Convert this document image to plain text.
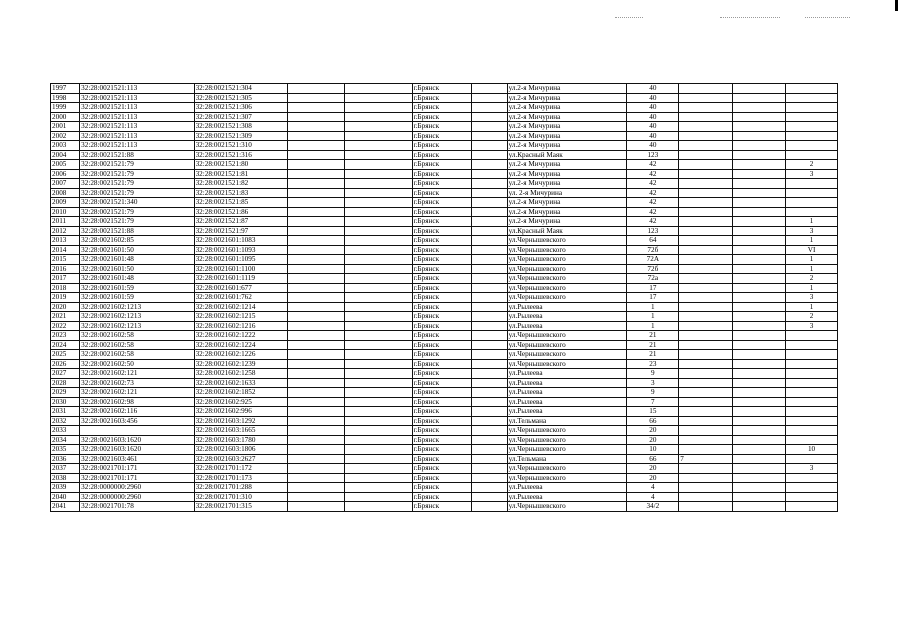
1997	32:28:0021521:113	32:28:0021521:304			г.Брянск		ул.2-я Мичурина	40			
1998	32:28:0021521:113	32:28:0021521:305			г.Брянск		ул.2-я Мичурина	40			
1999	32:28:0021521:113	32:28:0021521:306			г.Брянск		ул.2-я Мичурина	40			
2000	32:28:0021521:113	32:28:0021521:307			г.Брянск		ул.2-я Мичурина	40			
2001	32:28:0021521:113	32:28:0021521:308			г.Брянск		ул.2-я Мичурина	40			
2002	32:28:0021521:113	32:28:0021521:309			г.Брянск		ул.2-я Мичурина	40			
2003	32:28:0021521:113	32:28:0021521:310			г.Брянск		ул.2-я Мичурина	40			
2004	32:28:0021521:88	32:28:0021521:316			г.Брянск		ул.Красный Маяк	123			
2005	32:28:0021521:79	32:28:0021521:80			г.Брянск		ул.2-я Мичурина	42			2
2006	32:28:0021521:79	32:28:0021521:81			г.Брянск		ул.2-я Мичурина	42			3
2007	32:28:0021521:79	32:28:0021521:82			г.Брянск		ул.2-я Мичурина	42			
2008	32:28:0021521:79	32:28:0021521:83			г.Брянск		ул. 2-я Мичурина	42			
2009	32:28:0021521:340	32:28:0021521:85			г.Брянск		ул.2-я Мичурина	42			
2010	32:28:0021521:79	32:28:0021521:86			г.Брянск		ул.2-я Мичурина	42			
2011	32:28:0021521:79	32:28:0021521:87			г.Брянск		ул.2-я Мичурина	42			1
2012	32:28:0021521:88	32:28:0021521:97			г.Брянск		ул.Красный Маяк	123			3
2013	32:28:0021602:85	32:28:0021601:1083			г.Брянск		ул.Чернышевского	64			1
2014	32:28:0021601:50	32:28:0021601:1093			г.Брянск		ул.Чернышевского	72б			VI
2015	32:28:0021601:48	32:28:0021601:1095			г.Брянск		ул.Чернышевского	72А			1
2016	32:28:0021601:50	32:28:0021601:1100			г.Брянск		ул.Чернышевского	72б			1
2017	32:28:0021601:48	32:28:0021601:1119			г.Брянск		ул.Чернышевского	72а			2
2018	32:28:0021601:59	32:28:0021601:677			г.Брянск		ул.Чернышевского	17			1
2019	32:28:0021601:59	32:28:0021601:762			г.Брянск		ул.Чернышевского	17			3
2020	32:28:0021602:1213	32:28:0021602:1214			г.Брянск		ул.Рылеева	1			1
2021	32:28:0021602:1213	32:28:0021602:1215			г.Брянск		ул.Рылеева	1			2
2022	32:28:0021602:1213	32:28:0021602:1216			г.Брянск		ул.Рылеева	1			3
2023	32:28:0021602:58	32:28:0021602:1222			г.Брянск		ул.Чернышевского	21			
2024	32:28:0021602:58	32:28:0021602:1224			г.Брянск		ул.Чернышевского	21			
2025	32:28:0021602:58	32:28:0021602:1226			г.Брянск		ул.Чернышевского	21			
2026	32:28:0021602:50	32:28:0021602:1239			г.Брянск		ул.Чернышевского	23			
2027	32:28:0021602:121	32:28:0021602:1258			г.Брянск		ул.Рылеева	9			
2028	32:28:0021602:73	32:28:0021602:1633			г.Брянск		ул.Рылеева	3			
2029	32:28:0021602:121	32:28:0021602:1852			г.Брянск		ул.Рылеева	9			
2030	32:28:0021602:98	32:28:0021602:925			г.Брянск		ул.Рылеева	7			
2031	32:28:0021602:116	32:28:0021602:996			г.Брянск		ул.Рылеева	15			
2032	32:28:0021603:456	32:28:0021603:1292			г.Брянск		ул.Тельмана	66			
2033		32:28:0021603:1665			г.Брянск		ул.Чернышевского	20			
2034	32:28:0021603:1620	32:28:0021603:1780			г.Брянск		ул.Чернышевского	20			
2035	32:28:0021603:1620	32:28:0021603:1806			г.Брянск		ул.Чернышевского	10			10
2036	32:28:0021603:461	32:28:0021603:2627			г.Брянск		ул.Тельмана	66	7		
2037	32:28:0021701:171	32:28:0021701:172			г.Брянск		ул.Чернышевского	20			3
2038	32:28:0021701:171	32:28:0021701:173			г.Брянск		ул.Чернышевского	20			
2039	32:28:0000000:2960	32:28:0021701:288			г.Брянск		ул.Рылеева	4			
2040	32:28:0000000:2960	32:28:0021701:310			г.Брянск		ул.Рылеева	4			
2041	32:28:0021701:78	32:28:0021701:315			г.Брянск		ул.Чернышевского	34/2			
